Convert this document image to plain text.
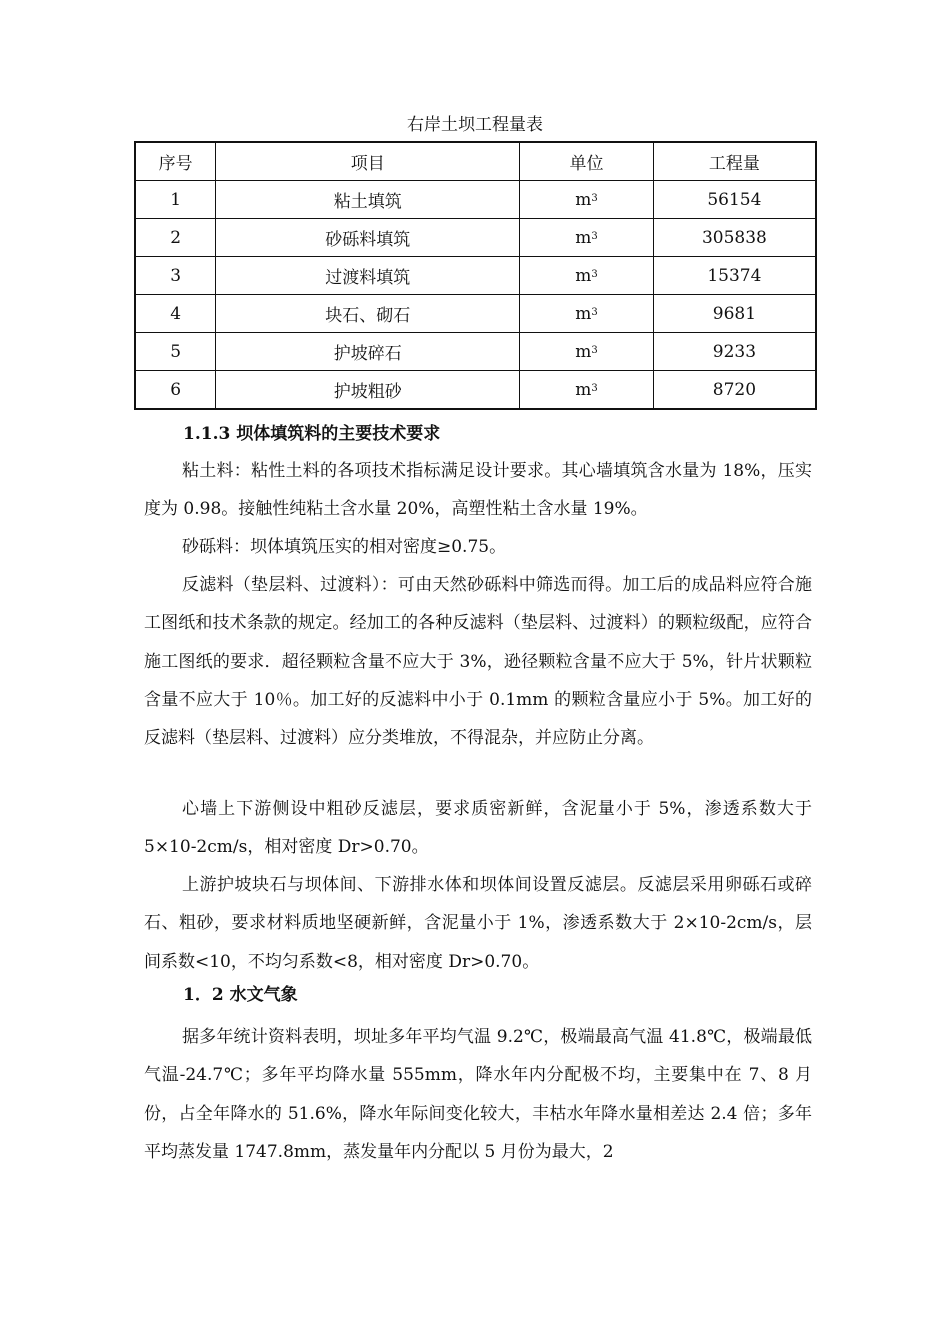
右岸土坝工程量表
序号	项目	单位	工程量
1	粘土填筑	$m^3$	56154
2	砂砾料填筑	$m^3$	305838
3	过渡料填筑	$m^3$	15374
4	块石、砌石	$m^3$	9681
5	护坡碎石	$m^3$	9233
6	护坡粗砂	$m^3$	8720
1.1.3 坝体填筑料的主要技术要求

粘土料：粘性土料的各项技术指标满足设计要求。其心墙填筑含水量为 18%，压实度为 0.98。接触性纯粘土含水量 20%，高塑性粘土含水量 19%。

砂砾料：坝体填筑压实的相对密度≥0.75。

反滤料（垫层料、过渡料）：可由天然砂砾料中筛选而得。加工后的成品料应符合施工图纸和技术条款的规定。经加工的各种反滤料（垫层料、过渡料）的颗粒级配，应符合施工图纸的要求．超径颗粒含量不应大于 3%，逊径颗粒含量不应大于 5%，针片状颗粒含量不应大于 10％。加工好的反滤料中小于 0.1mm 的颗粒含量应小于 5%。加工好的反滤料（垫层料、过渡料）应分类堆放，不得混杂，并应防止分离。

心墙上下游侧设中粗砂反滤层，要求质密新鲜，含泥量小于 5%，渗透系数大于 5×10-2cm/s，相对密度 Dr>0.70。

上游护坡块石与坝体间、下游排水体和坝体间设置反滤层。反滤层采用卵砾石或碎石、粗砂，要求材料质地坚硬新鲜，含泥量小于 1%，渗透系数大于 2×10-2cm/s，层间系数<10，不均匀系数<8，相对密度 Dr>0.70。

1．2 水文气象

据多年统计资料表明，坝址多年平均气温 9.2℃，极端最高气温 41.8℃，极端最低气温-24.7℃；多年平均降水量 555mm，降水年内分配极不均，主要集中在 7、8 月份，占全年降水的 51.6%，降水年际间变化较大，丰枯水年降水量相差达 2.4 倍；多年平均蒸发量 1747.8mm，蒸发量年内分配以 5 月份为最大，2
